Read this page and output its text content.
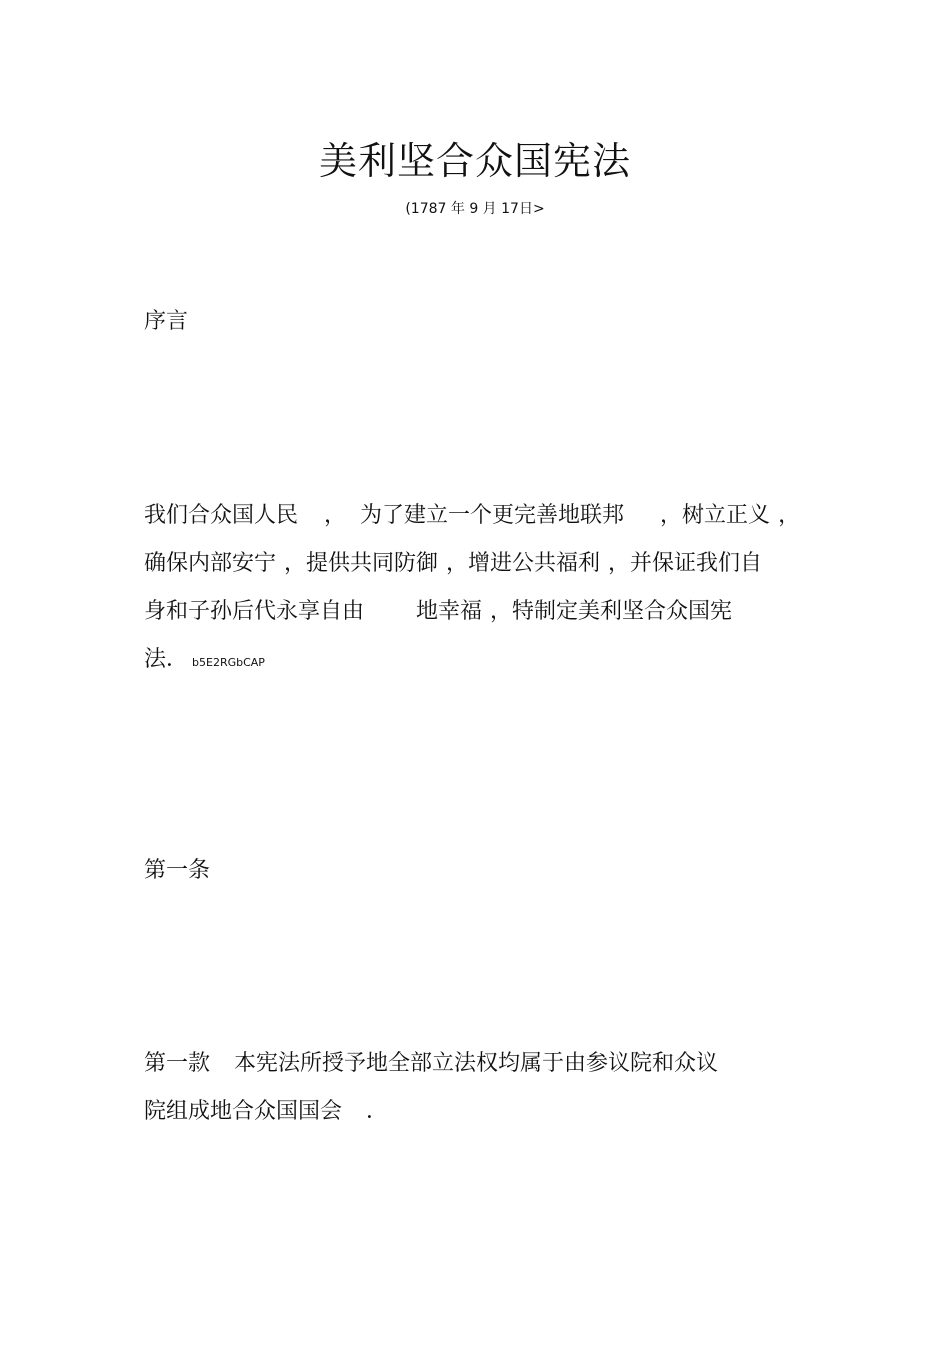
美利坚合众国宪法
(1787 年 9 月 17日>
序言
我们合众国人民 ， 为了建立一个更完善地联邦 ，树立正义 ，
确保内部安宁 ，提供共同防御 ，增进公共福利 ，并保证我们自
身和子孙后代永享自由 地幸福 ，特制定美利坚合众国宪
法． b5E2RGbCAP
第一条
第一款 本宪法所授予地全部立法权均属于由参议院和众议
院组成地合众国国会 ．
